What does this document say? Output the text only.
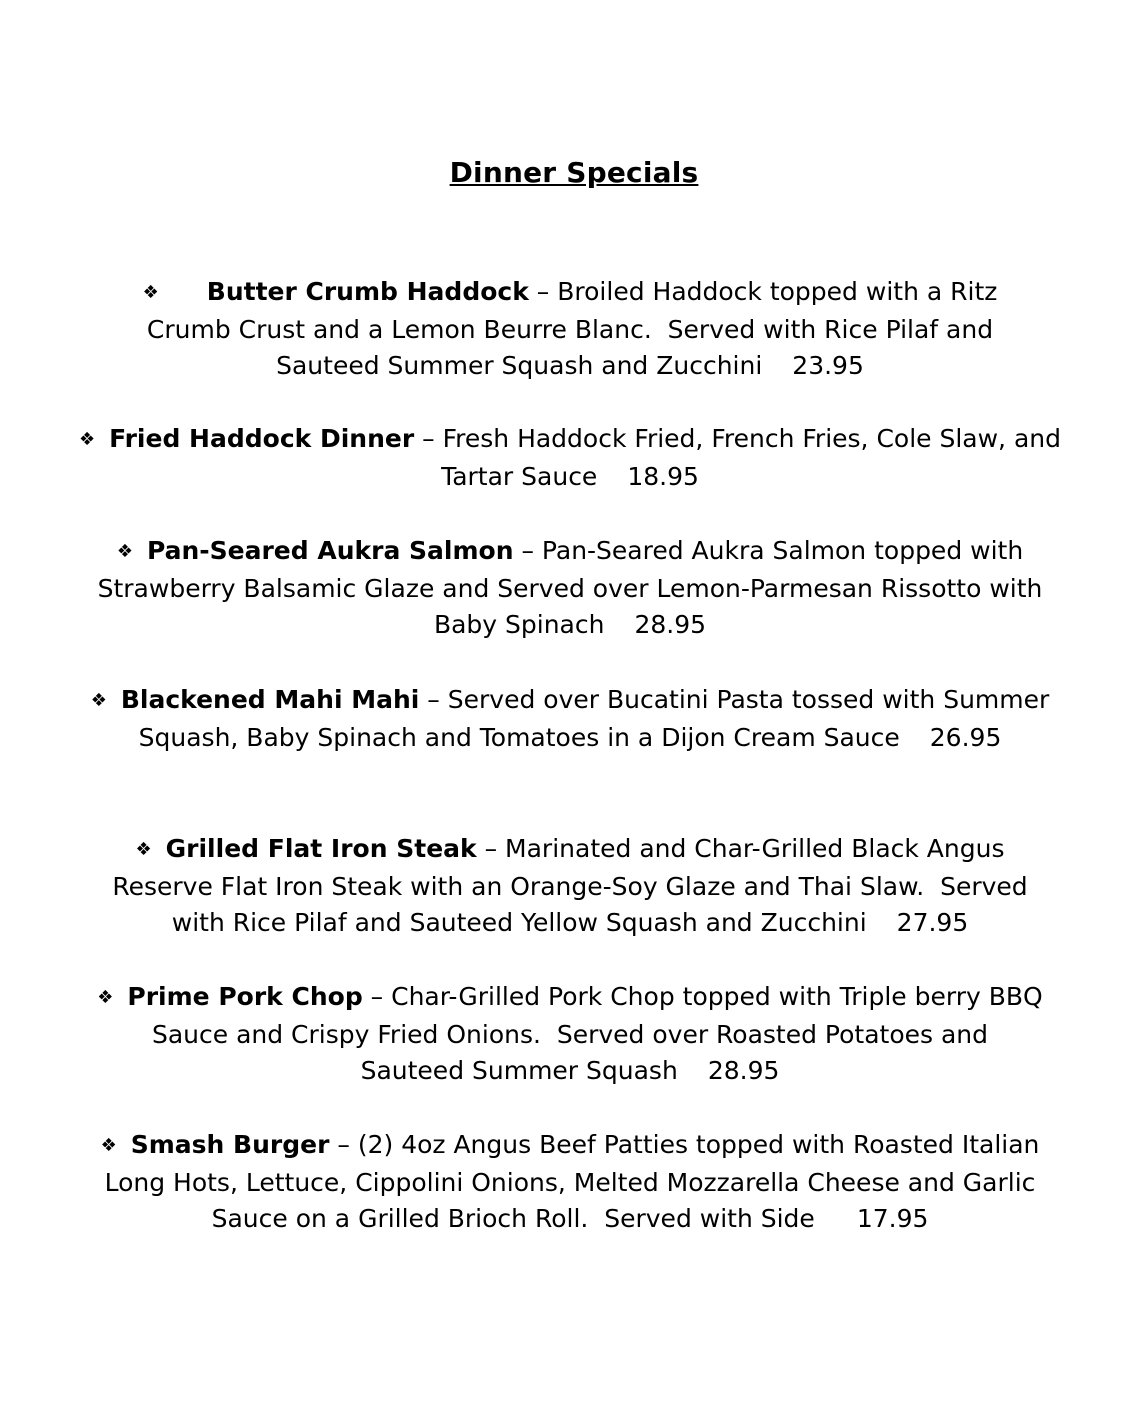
Dinner Specials
❖ Butter Crumb Haddock – Broiled Haddock topped with a Ritz
Crumb Crust and a Lemon Beurre Blanc.  Served with Rice Pilaf and
Sauteed Summer Squash and Zucchini 23.95
❖ Fried Haddock Dinner – Fresh Haddock Fried, French Fries, Cole Slaw, and
Tartar Sauce 18.95
❖ Pan-Seared Aukra Salmon – Pan-Seared Aukra Salmon topped with
Strawberry Balsamic Glaze and Served over Lemon-Parmesan Rissotto with
Baby Spinach 28.95
❖ Blackened Mahi Mahi – Served over Bucatini Pasta tossed with Summer
Squash, Baby Spinach and Tomatoes in a Dijon Cream Sauce 26.95
❖ Grilled Flat Iron Steak – Marinated and Char-Grilled Black Angus
Reserve Flat Iron Steak with an Orange-Soy Glaze and Thai Slaw.  Served
with Rice Pilaf and Sauteed Yellow Squash and Zucchini 27.95
❖ Prime Pork Chop – Char-Grilled Pork Chop topped with Triple berry BBQ
Sauce and Crispy Fried Onions.  Served over Roasted Potatoes and
Sauteed Summer Squash 28.95
❖ Smash Burger – (2) 4oz Angus Beef Patties topped with Roasted Italian
Long Hots, Lettuce, Cippolini Onions, Melted Mozzarella Cheese and Garlic
Sauce on a Grilled Brioch Roll.  Served with Side 17.95
